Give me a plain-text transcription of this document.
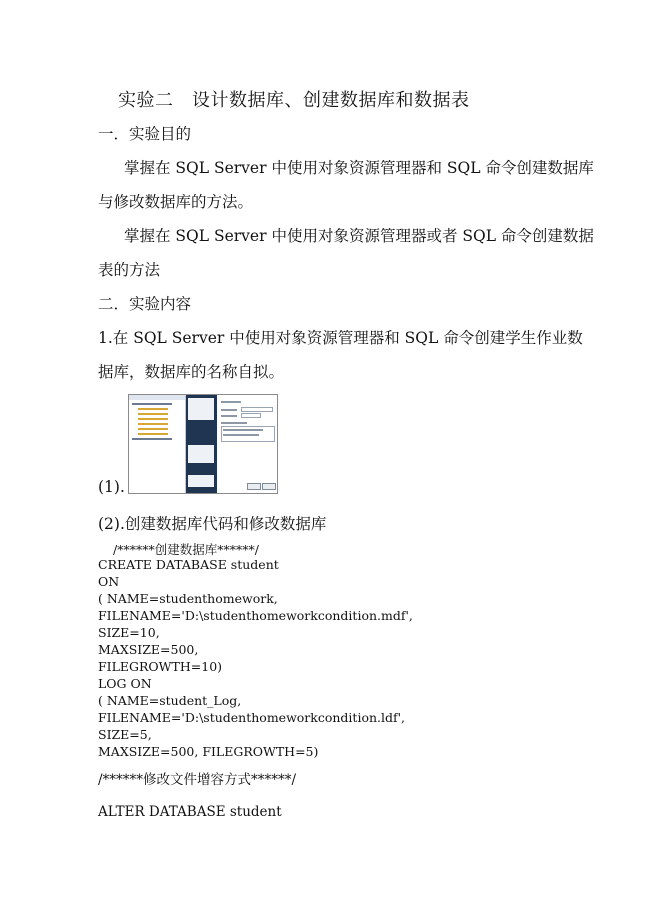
实验二　设计数据库、创建数据库和数据表
一．实验目的
掌握在 SQL Server 中使用对象资源管理器和 SQL 命令创建数据库
与修改数据库的方法。
掌握在 SQL Server 中使用对象资源管理器或者 SQL 命令创建数据
表的方法
二．实验内容
1.在 SQL Server 中使用对象资源管理器和 SQL 命令创建学生作业数
据库，数据库的名称自拟。
(1).
(2).创建数据库代码和修改数据库
/******创建数据库******/
CREATE DATABASE student
ON
( NAME=studenthomework,
FILENAME='D:\studenthomeworkcondition.mdf',
SIZE=10,
MAXSIZE=500,
FILEGROWTH=10)
LOG ON
( NAME=student_Log,
FILENAME='D:\studenthomeworkcondition.ldf',
SIZE=5,
MAXSIZE=500, FILEGROWTH=5)
/******修改文件增容方式******/
ALTER DATABASE student
